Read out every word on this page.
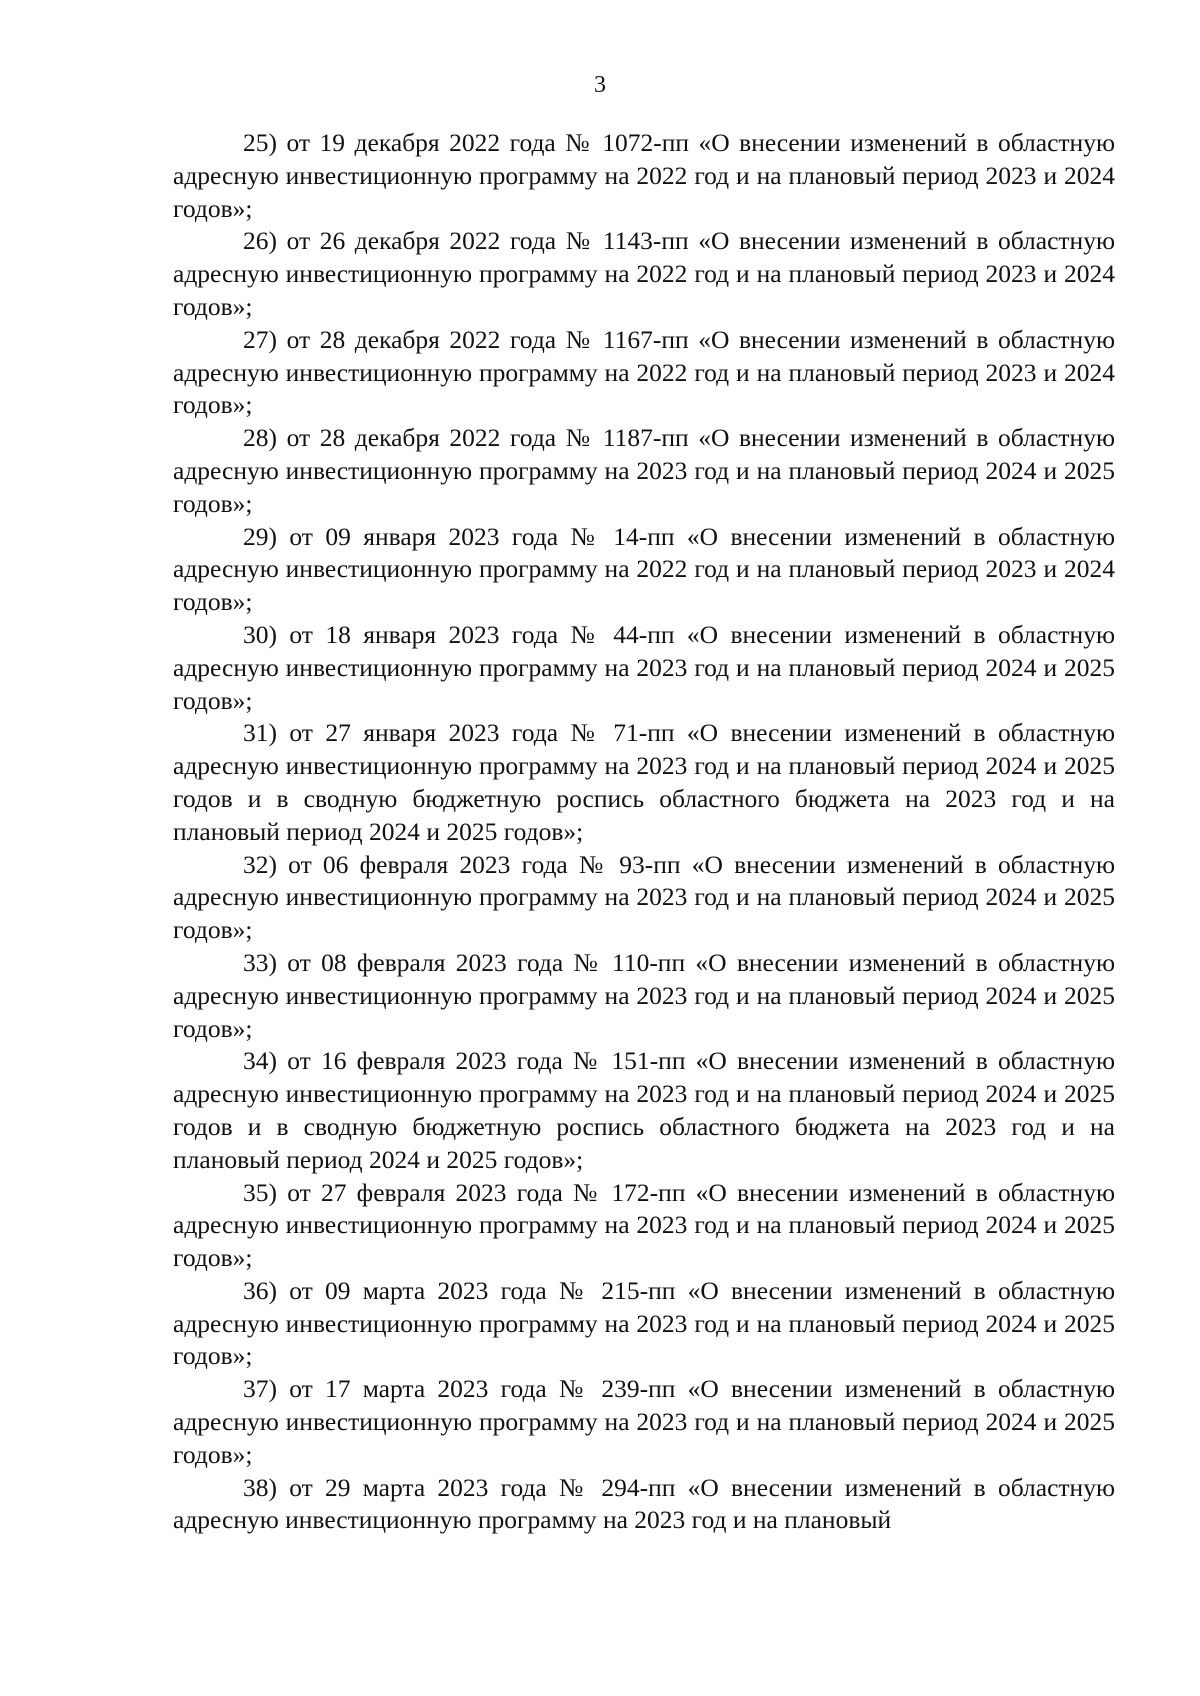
3

25) от 19 декабря 2022 года № 1072-пп «О внесении изменений в областную адресную инвестиционную программу на 2022 год и на плановый период 2023 и 2024 годов»;

26) от 26 декабря 2022 года № 1143-пп «О внесении изменений в областную адресную инвестиционную программу на 2022 год и на плановый период 2023 и 2024 годов»;

27) от 28 декабря 2022 года № 1167-пп «О внесении изменений в областную адресную инвестиционную программу на 2022 год и на плановый период 2023 и 2024 годов»;

28) от 28 декабря 2022 года № 1187-пп «О внесении изменений в областную адресную инвестиционную программу на 2023 год и на плановый период 2024 и 2025 годов»;

29) от 09 января 2023 года № 14-пп «О внесении изменений в областную адресную инвестиционную программу на 2022 год и на плановый период 2023 и 2024 годов»;

30) от 18 января 2023 года № 44-пп «О внесении изменений в областную адресную инвестиционную программу на 2023 год и на плановый период 2024 и 2025 годов»;

31) от 27 января 2023 года № 71-пп «О внесении изменений в областную адресную инвестиционную программу на 2023 год и на плановый период 2024 и 2025 годов и в сводную бюджетную роспись областного бюджета на 2023 год и на плановый период 2024 и 2025 годов»;

32) от 06 февраля 2023 года № 93-пп «О внесении изменений в областную адресную инвестиционную программу на 2023 год и на плановый период 2024 и 2025 годов»;

33) от 08 февраля 2023 года № 110-пп «О внесении изменений в областную адресную инвестиционную программу на 2023 год и на плановый период 2024 и 2025 годов»;

34) от 16 февраля 2023 года № 151-пп «О внесении изменений в областную адресную инвестиционную программу на 2023 год и на плановый период 2024 и 2025 годов и в сводную бюджетную роспись областного бюджета на 2023 год и на плановый период 2024 и 2025 годов»;

35) от 27 февраля 2023 года № 172-пп «О внесении изменений в областную адресную инвестиционную программу на 2023 год и на плановый период 2024 и 2025 годов»;

36) от 09 марта 2023 года № 215-пп «О внесении изменений в областную адресную инвестиционную программу на 2023 год и на плановый период 2024 и 2025 годов»;

37) от 17 марта 2023 года № 239-пп «О внесении изменений в областную адресную инвестиционную программу на 2023 год и на плановый период 2024 и 2025 годов»;

38) от 29 марта 2023 года № 294-пп «О внесении изменений в областную адресную инвестиционную программу на 2023 год и на плановый
